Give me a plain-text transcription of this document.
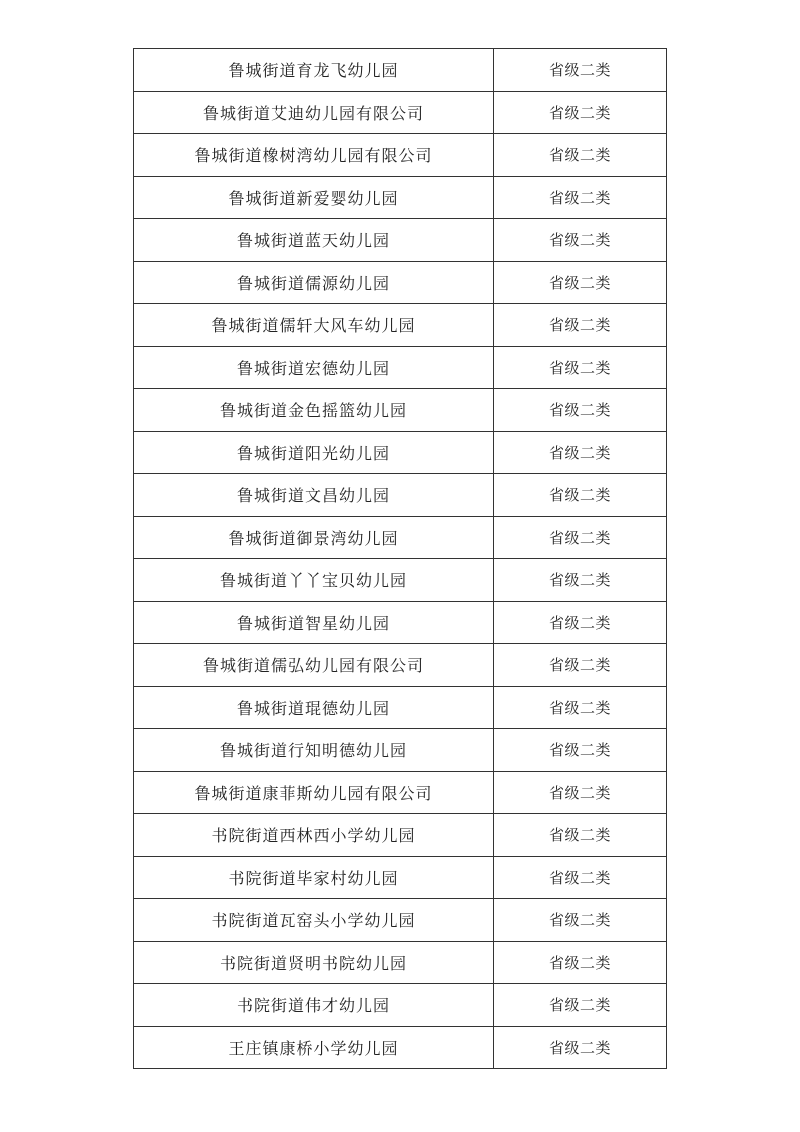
鲁城街道育龙飞幼儿园	省级二类
鲁城街道艾迪幼儿园有限公司	省级二类
鲁城街道橡树湾幼儿园有限公司	省级二类
鲁城街道新爱婴幼儿园	省级二类
鲁城街道蓝天幼儿园	省级二类
鲁城街道儒源幼儿园	省级二类
鲁城街道儒轩大风车幼儿园	省级二类
鲁城街道宏德幼儿园	省级二类
鲁城街道金色摇篮幼儿园	省级二类
鲁城街道阳光幼儿园	省级二类
鲁城街道文昌幼儿园	省级二类
鲁城街道御景湾幼儿园	省级二类
鲁城街道丫丫宝贝幼儿园	省级二类
鲁城街道智星幼儿园	省级二类
鲁城街道儒弘幼儿园有限公司	省级二类
鲁城街道琨德幼儿园	省级二类
鲁城街道行知明德幼儿园	省级二类
鲁城街道康菲斯幼儿园有限公司	省级二类
书院街道西林西小学幼儿园	省级二类
书院街道毕家村幼儿园	省级二类
书院街道瓦窑头小学幼儿园	省级二类
书院街道贤明书院幼儿园	省级二类
书院街道伟才幼儿园	省级二类
王庄镇康桥小学幼儿园	省级二类
